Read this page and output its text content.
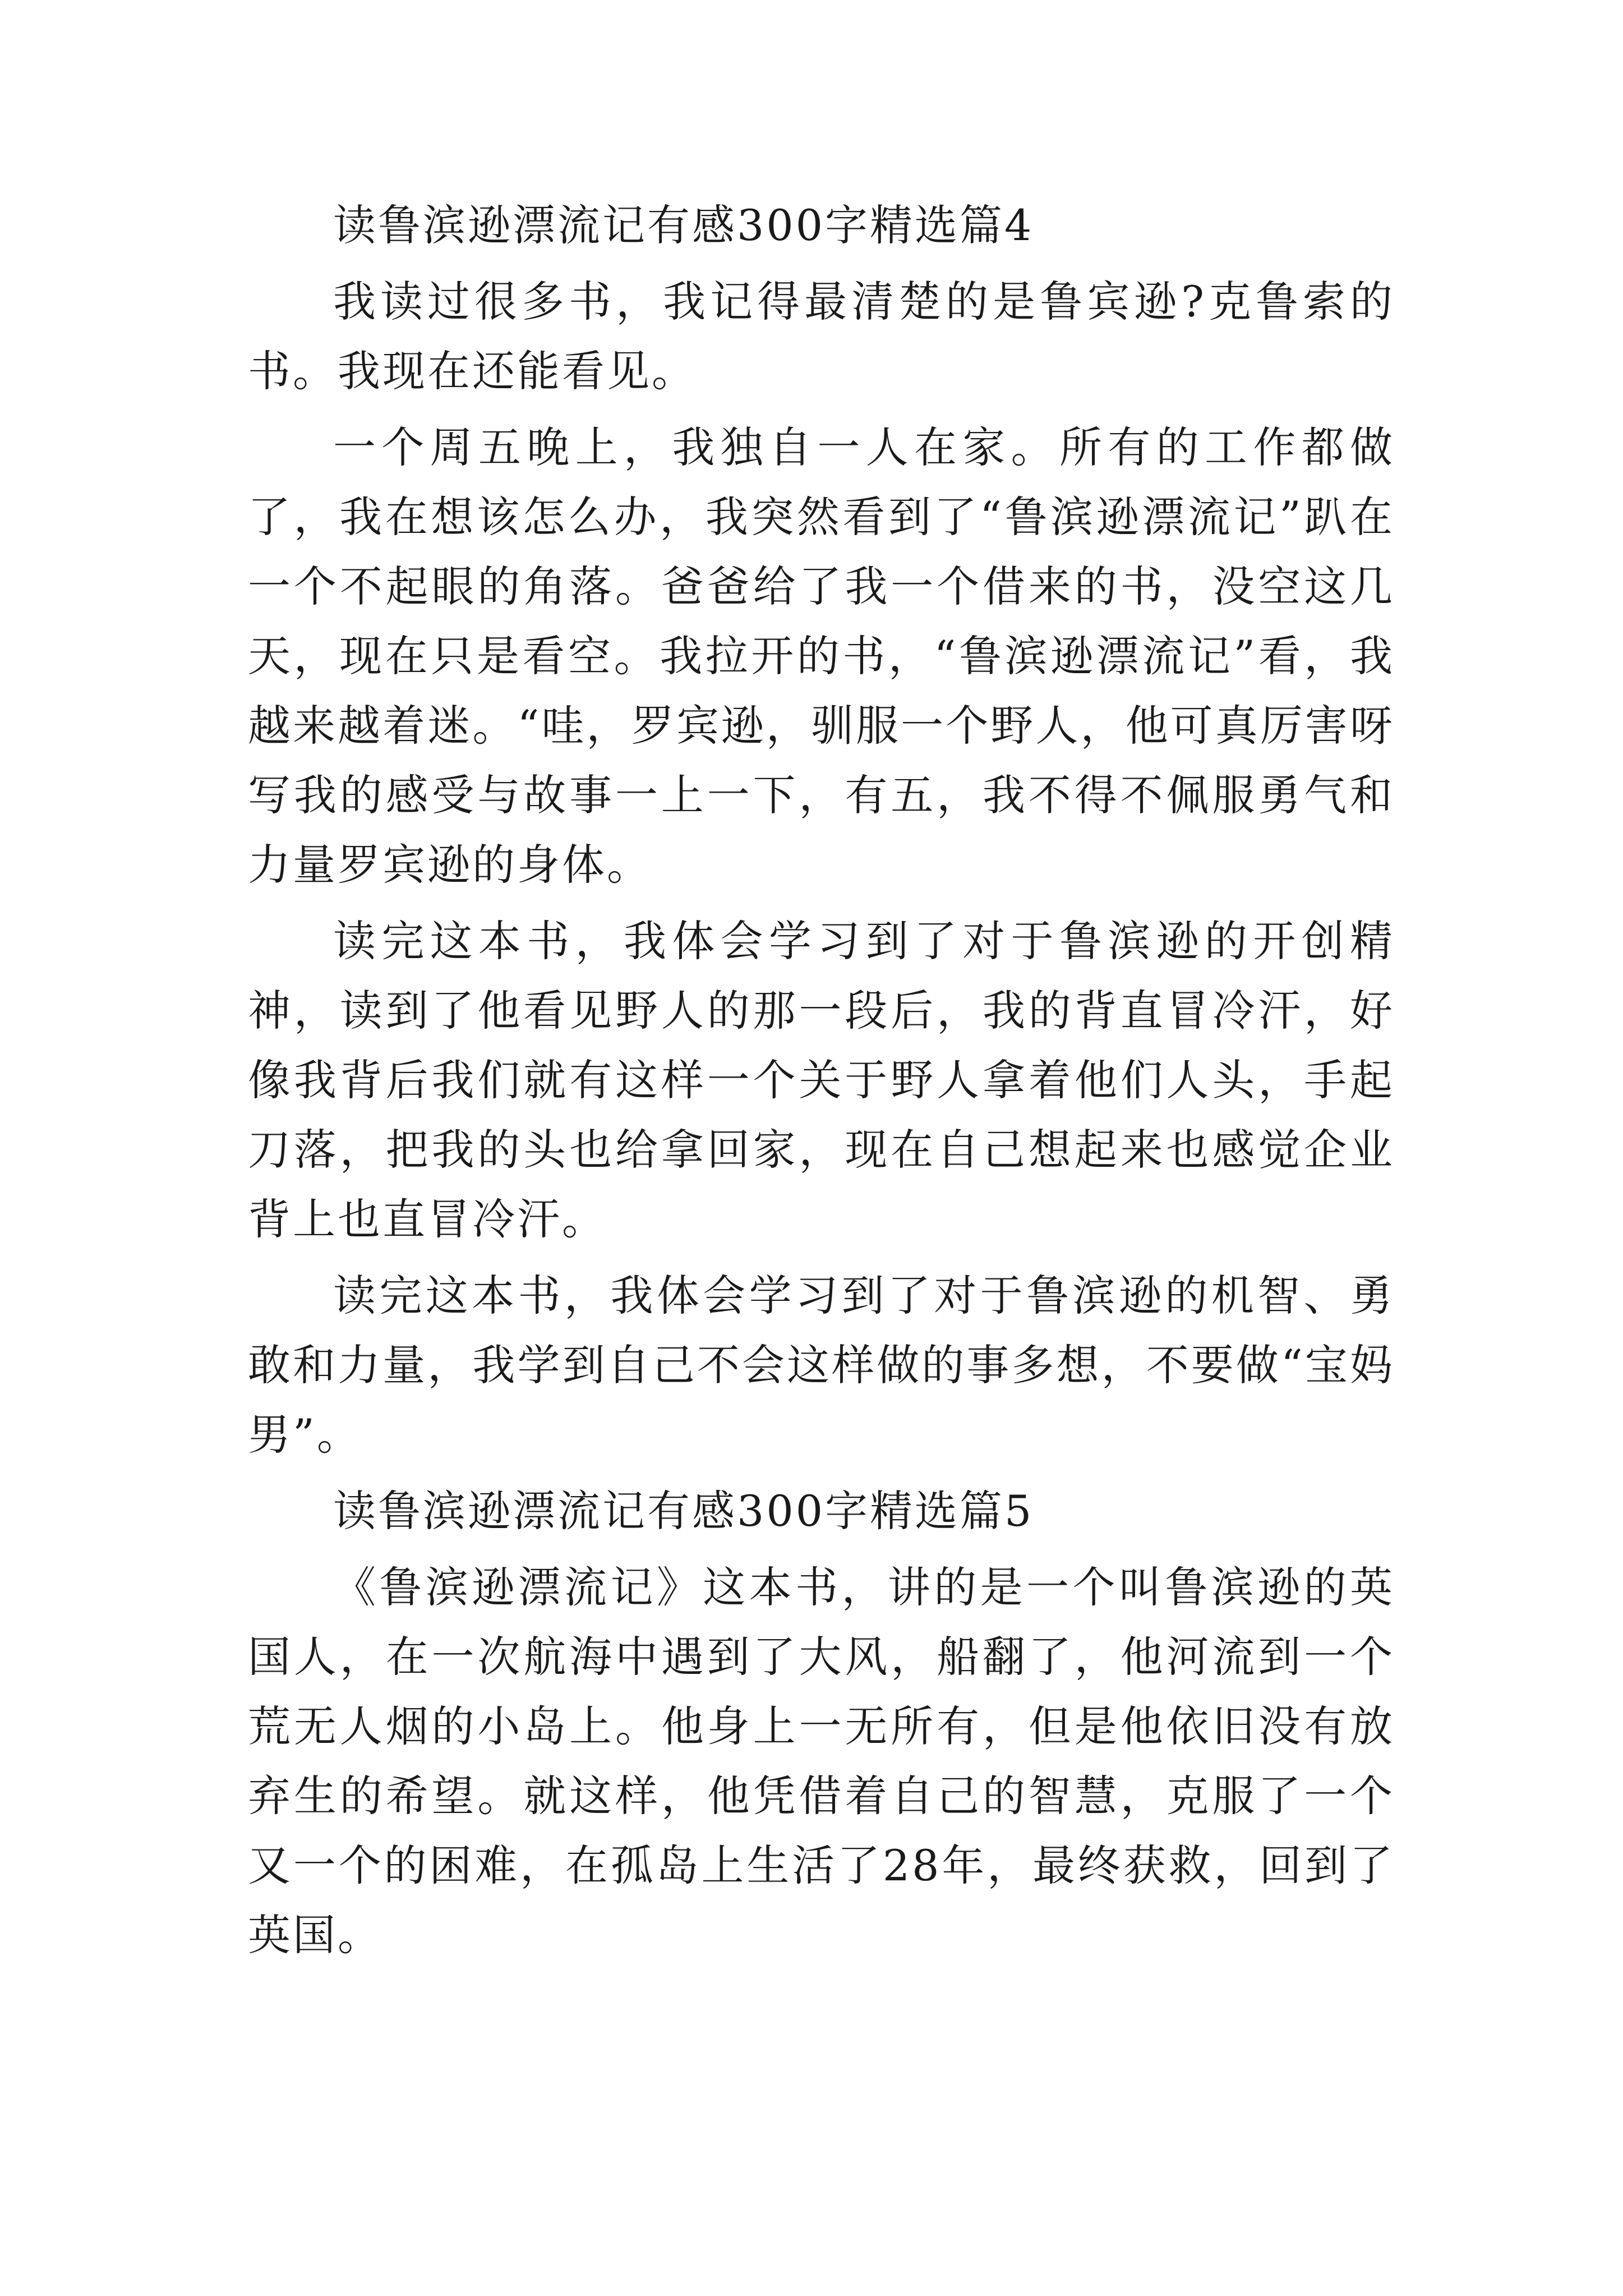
读鲁滨逊漂流记有感300字精选篇4

我读过很多书，我记得最清楚的是鲁宾逊?克鲁索的书。我现在还能看见。

一个周五晚上，我独自一人在家。所有的工作都做了，我在想该怎么办，我突然看到了“鲁滨逊漂流记”趴在一个不起眼的角落。爸爸给了我一个借来的书，没空这几天，现在只是看空。我拉开的书，“鲁滨逊漂流记”看，我越来越着迷。“哇，罗宾逊，驯服一个野人，他可真厉害呀写我的感受与故事一上一下，有五，我不得不佩服勇气和力量罗宾逊的身体。

读完这本书，我体会学习到了对于鲁滨逊的开创精神，读到了他看见野人的那一段后，我的背直冒冷汗，好像我背后我们就有这样一个关于野人拿着他们人头，手起刀落，把我的头也给拿回家，现在自己想起来也感觉企业背上也直冒冷汗。

读完这本书，我体会学习到了对于鲁滨逊的机智、勇敢和力量，我学到自己不会这样做的事多想，不要做“宝妈男”。

读鲁滨逊漂流记有感300字精选篇5

《鲁滨逊漂流记》这本书，讲的是一个叫鲁滨逊的英国人，在一次航海中遇到了大风，船翻了，他河流到一个荒无人烟的小岛上。他身上一无所有，但是他依旧没有放弃生的希望。就这样，他凭借着自己的智慧，克服了一个又一个的困难，在孤岛上生活了28年，最终获救，回到了英国。
